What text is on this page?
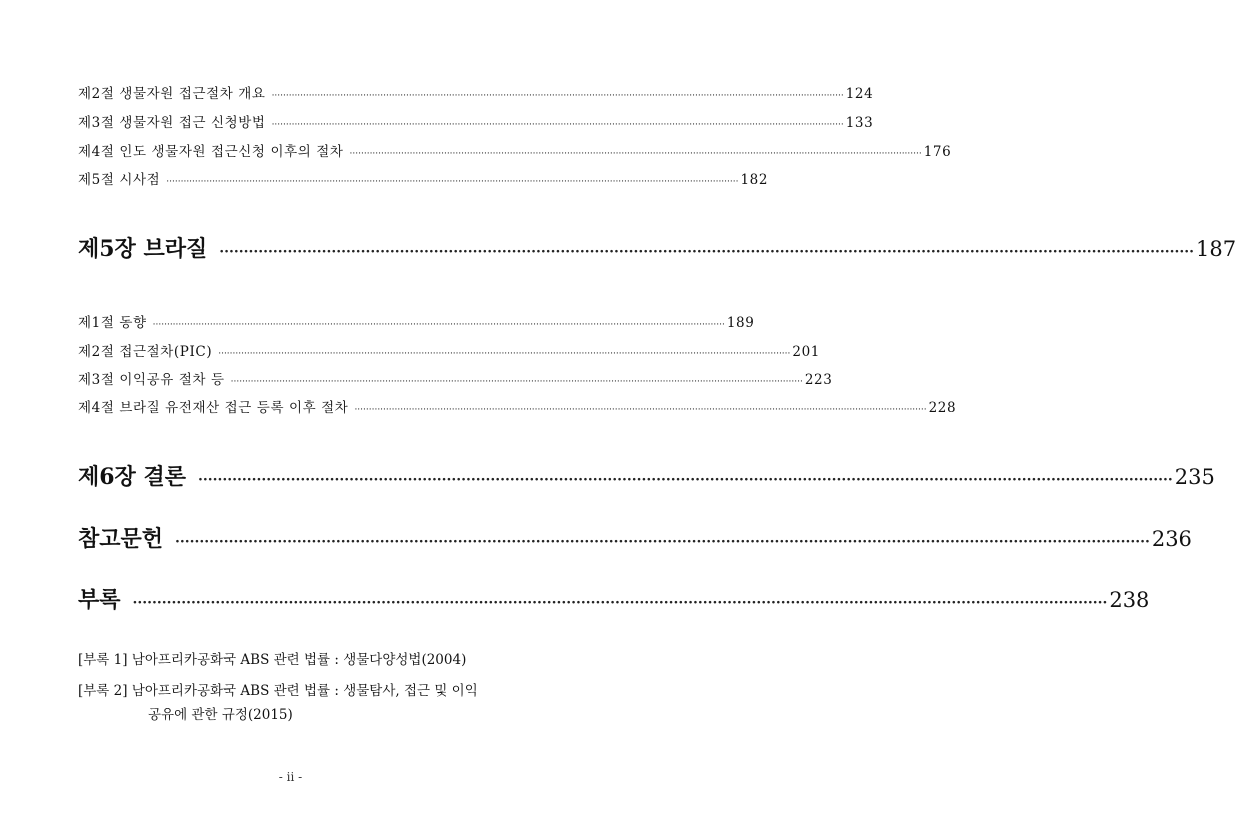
제2절 생물자원 접근절차 개요 ········································································································································································································ 124
제3절 생물자원 접근 신청방법 ········································································································································································································ 133
제4절 인도 생물자원 접근신청 이후의 절차 ········································································································································································································ 176
제5절 시사점 ········································································································································································································ 182
제5장 브라질 ········································································································································································································ 187
제1절 동향 ········································································································································································································ 189
제2절 접근절차(PIC) ········································································································································································································ 201
제3절 이익공유 절차 등 ········································································································································································································ 223
제4절 브라질 유전재산 접근 등록 이후 절차 ········································································································································································································ 228
제6장 결론 ········································································································································································································ 235
참고문헌 ········································································································································································································ 236
부록 ········································································································································································································ 238
[부록 1] 남아프리카공화국 ABS 관련 법률 : 생물다양성법(2004)
[부록 2] 남아프리카공화국 ABS 관련 법률 : 생물탐사, 접근 및 이익
공유에 관한 규정(2015)
- ii -
